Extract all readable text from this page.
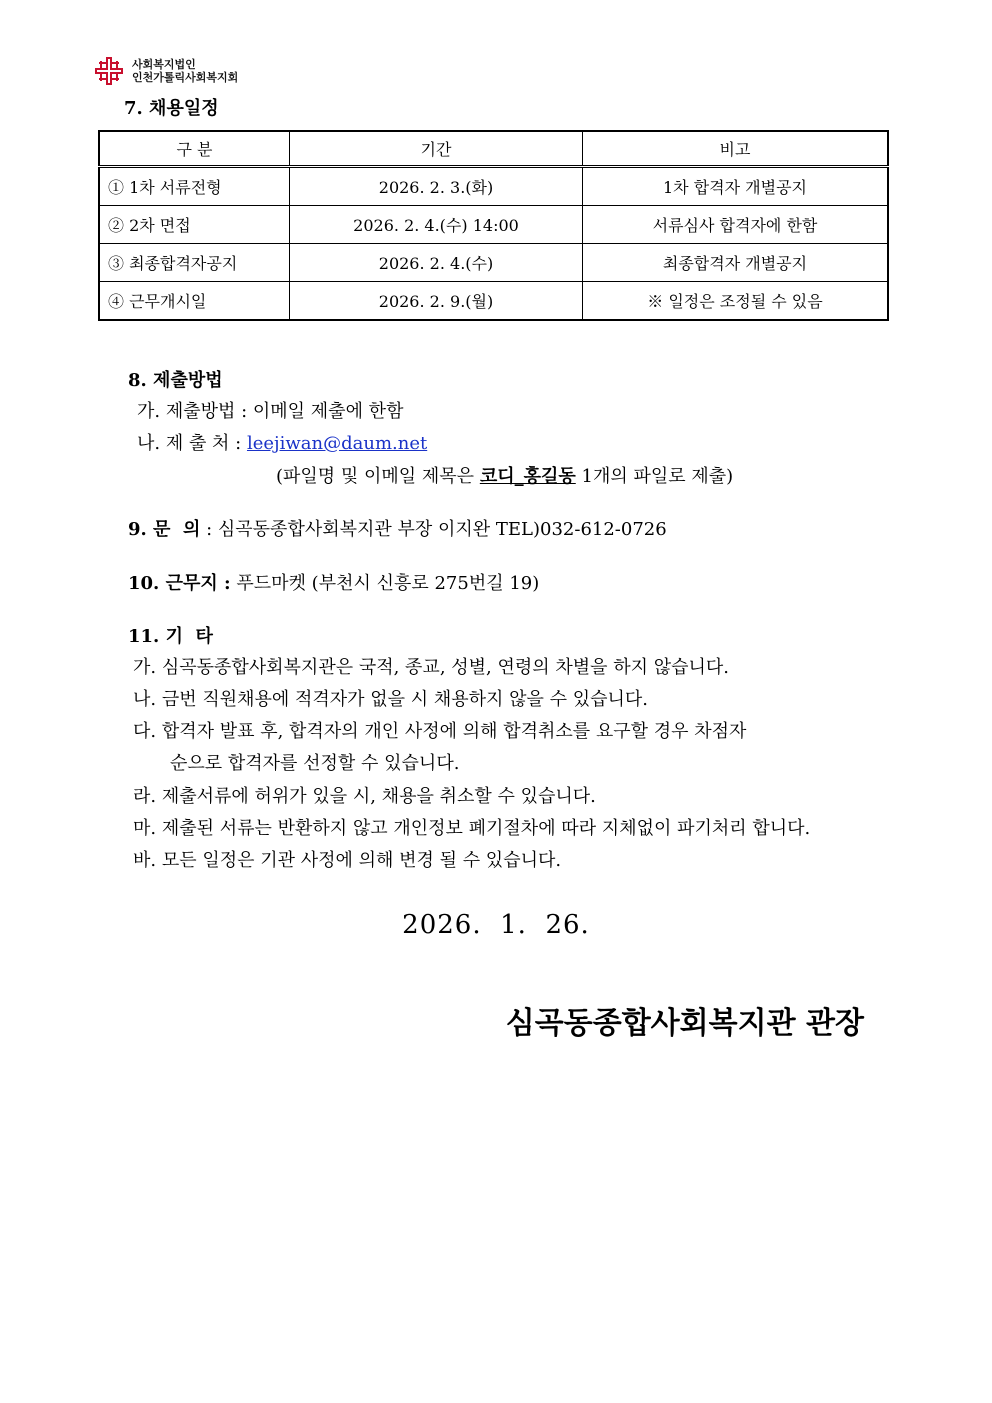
사회복지법인
인천가톨릭사회복지회
7. 채용일정
구 분	기간	비고
① 1차 서류전형	2026. 2. 3.(화)	1차 합격자 개별공지
② 2차 면접	2026. 2. 4.(수) 14:00	서류심사 합격자에 한함
③ 최종합격자공지	2026. 2. 4.(수)	최종합격자 개별공지
④ 근무개시일	2026. 2. 9.(월)	※ 일정은 조정될 수 있음
8. 제출방법
가. 제출방법 : 이메일 제출에 한함
나. 제 출 처 : leejiwan@daum.net
(파일명 및 이메일 제목은 코디_홍길동 1개의 파일로 제출)
9. 문  의 : 심곡동종합사회복지관 부장 이지완 TEL)032-612-0726
10. 근무지 : 푸드마켓 (부천시 신흥로 275번길 19)
11. 기  타
가. 심곡동종합사회복지관은 국적, 종교, 성별, 연령의 차별을 하지 않습니다.
나. 금번 직원채용에 적격자가 없을 시 채용하지 않을 수 있습니다.
다. 합격자 발표 후, 합격자의 개인 사정에 의해 합격취소를 요구할 경우 차점자
순으로 합격자를 선정할 수 있습니다.
라. 제출서류에 허위가 있을 시, 채용을 취소할 수 있습니다.
마. 제출된 서류는 반환하지 않고 개인정보 폐기절차에 따라 지체없이 파기처리 합니다.
바. 모든 일정은 기관 사정에 의해 변경 될 수 있습니다.
2026.  1.  26.
심곡동종합사회복지관 관장
